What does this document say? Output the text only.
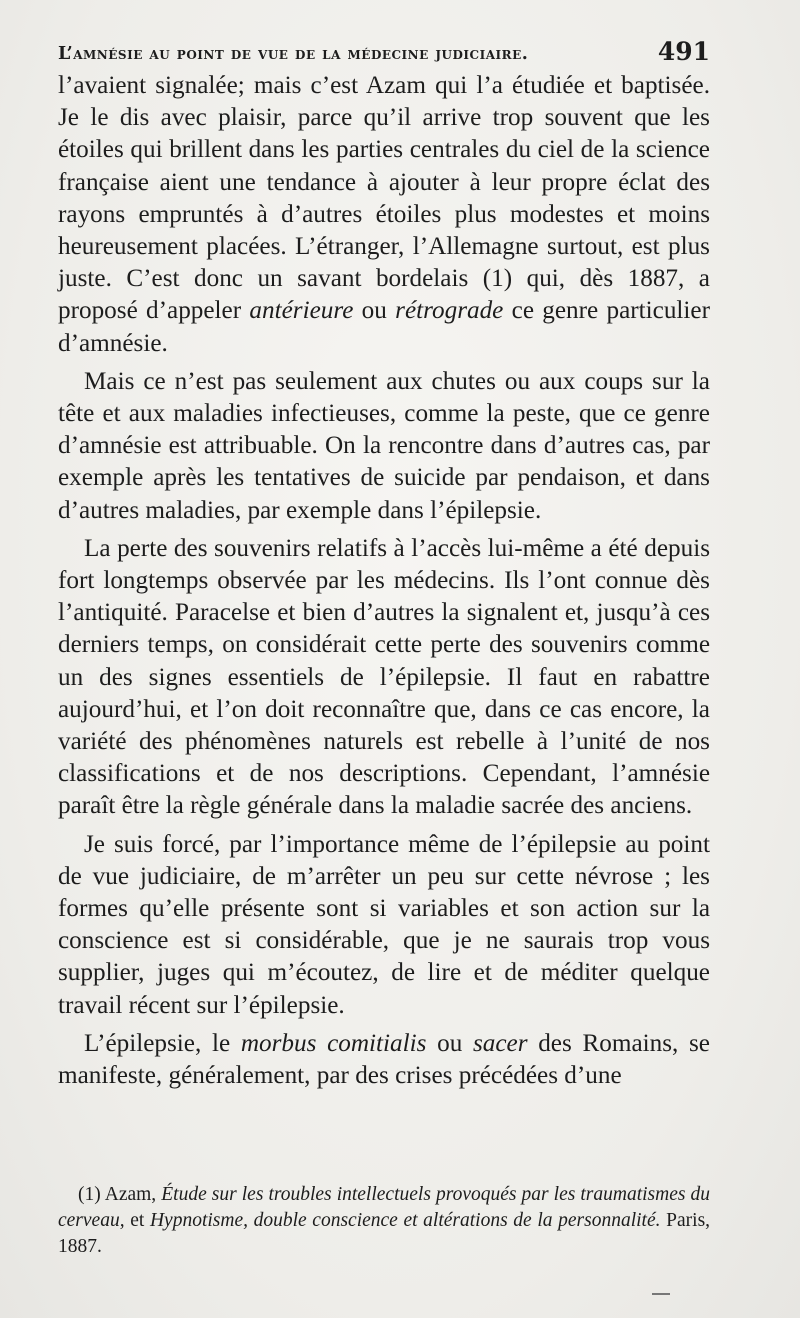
L’amnésie au point de vue de la médecine judiciaire.	491

l’avaient signalée; mais c’est Azam qui l’a étudiée et baptisée. Je le dis avec plaisir, parce qu’il arrive trop souvent que les étoiles qui brillent dans les parties centrales du ciel de la science française aient une tendance à ajouter à leur propre éclat des rayons empruntés à d’autres étoiles plus modestes et moins heureusement placées. L’étranger, l’Allemagne surtout, est plus juste. C’est donc un savant bordelais (1) qui, dès 1887, a proposé d’appeler antérieure ou rétrograde ce genre particulier d’amnésie.

Mais ce n’est pas seulement aux chutes ou aux coups sur la tête et aux maladies infectieuses, comme la peste, que ce genre d’amnésie est attribuable. On la rencontre dans d’autres cas, par exemple après les tentatives de suicide par pendaison, et dans d’autres maladies, par exemple dans l’épilepsie.

La perte des souvenirs relatifs à l’accès lui-même a été depuis fort longtemps observée par les médecins. Ils l’ont connue dès l’antiquité. Paracelse et bien d’autres la signalent et, jusqu’à ces derniers temps, on considérait cette perte des souvenirs comme un des signes essentiels de l’épilepsie. Il faut en rabattre aujourd’hui, et l’on doit reconnaître que, dans ce cas encore, la variété des phénomènes naturels est rebelle à l’unité de nos classifications et de nos descriptions. Cependant, l’amnésie paraît être la règle générale dans la maladie sacrée des anciens.

Je suis forcé, par l’importance même de l’épilepsie au point de vue judiciaire, de m’arrêter un peu sur cette névrose ; les formes qu’elle présente sont si variables et son action sur la conscience est si considérable, que je ne saurais trop vous supplier, juges qui m’écoutez, de lire et de méditer quelque travail récent sur l’épilepsie.

L’épilepsie, le morbus comitialis ou sacer des Romains, se manifeste, généralement, par des crises précédées d’une

(1) Azam, Étude sur les troubles intellectuels provoqués par les traumatismes du cerveau, et Hypnotisme, double conscience et altérations de la personnalité. Paris, 1887.
